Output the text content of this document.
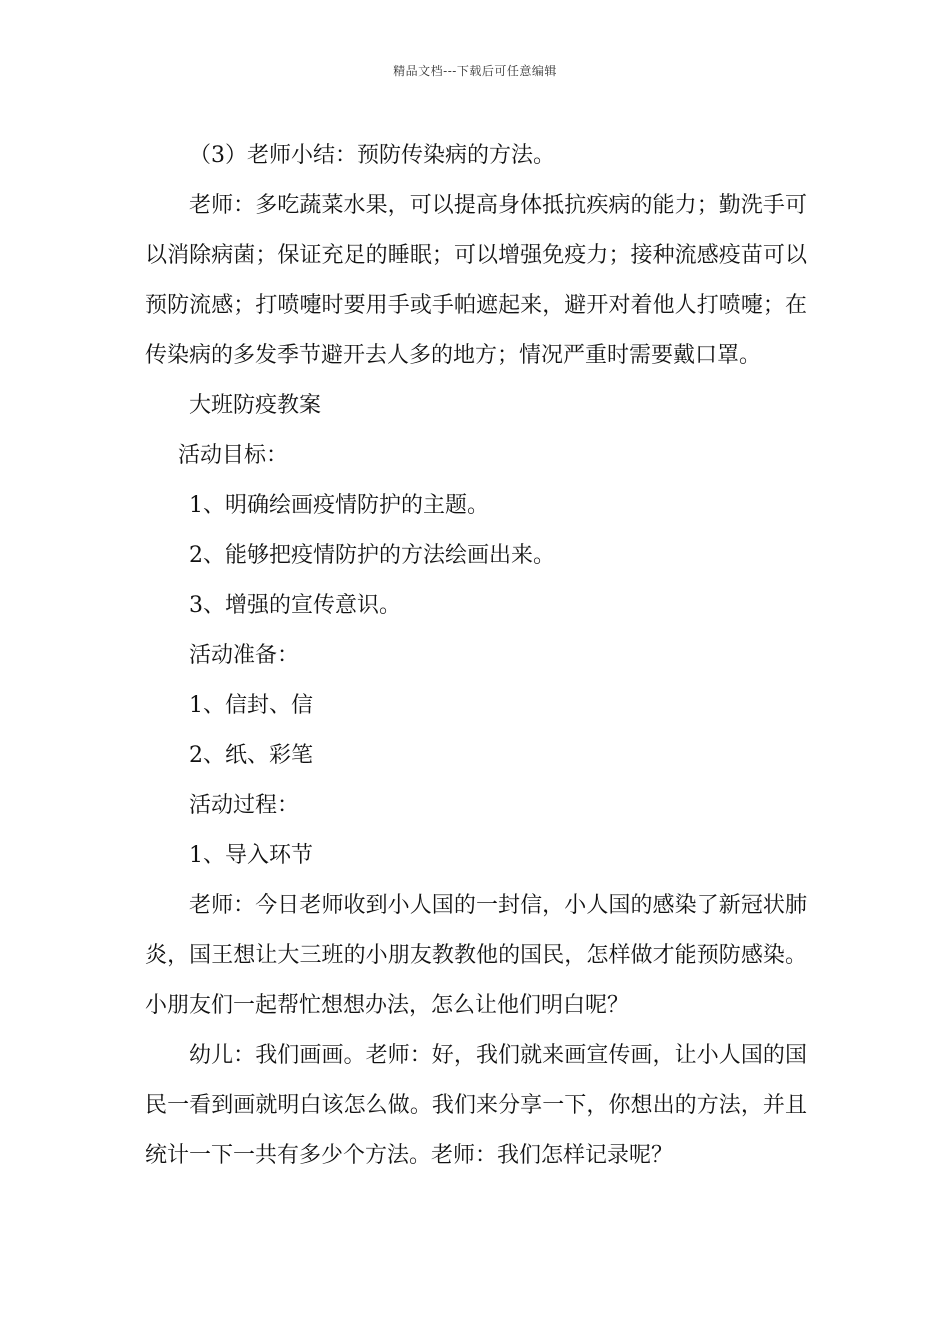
精品文档---下载后可任意编辑

（3）老师小结：预防传染病的方法。

老师：多吃蔬菜水果，可以提高身体抵抗疾病的能力；勤洗手可以消除病菌；保证充足的睡眠；可以增强免疫力；接种流感疫苗可以预防流感；打喷嚏时要用手或手帕遮起来，避开对着他人打喷嚏；在传染病的多发季节避开去人多的地方；情况严重时需要戴口罩。

大班防疫教案

活动目标：

1、明确绘画疫情防护的主题。

2、能够把疫情防护的方法绘画出来。

3、增强的宣传意识。

活动准备：

1、信封、信

2、纸、彩笔

活动过程：

1、导入环节

老师：今日老师收到小人国的一封信，小人国的感染了新冠状肺炎，国王想让大三班的小朋友教教他的国民，怎样做才能预防感染。小朋友们一起帮忙想想办法，怎么让他们明白呢？

幼儿：我们画画。老师：好，我们就来画宣传画，让小人国的国民一看到画就明白该怎么做。我们来分享一下，你想出的方法，并且统计一下一共有多少个方法。老师：我们怎样记录呢？
